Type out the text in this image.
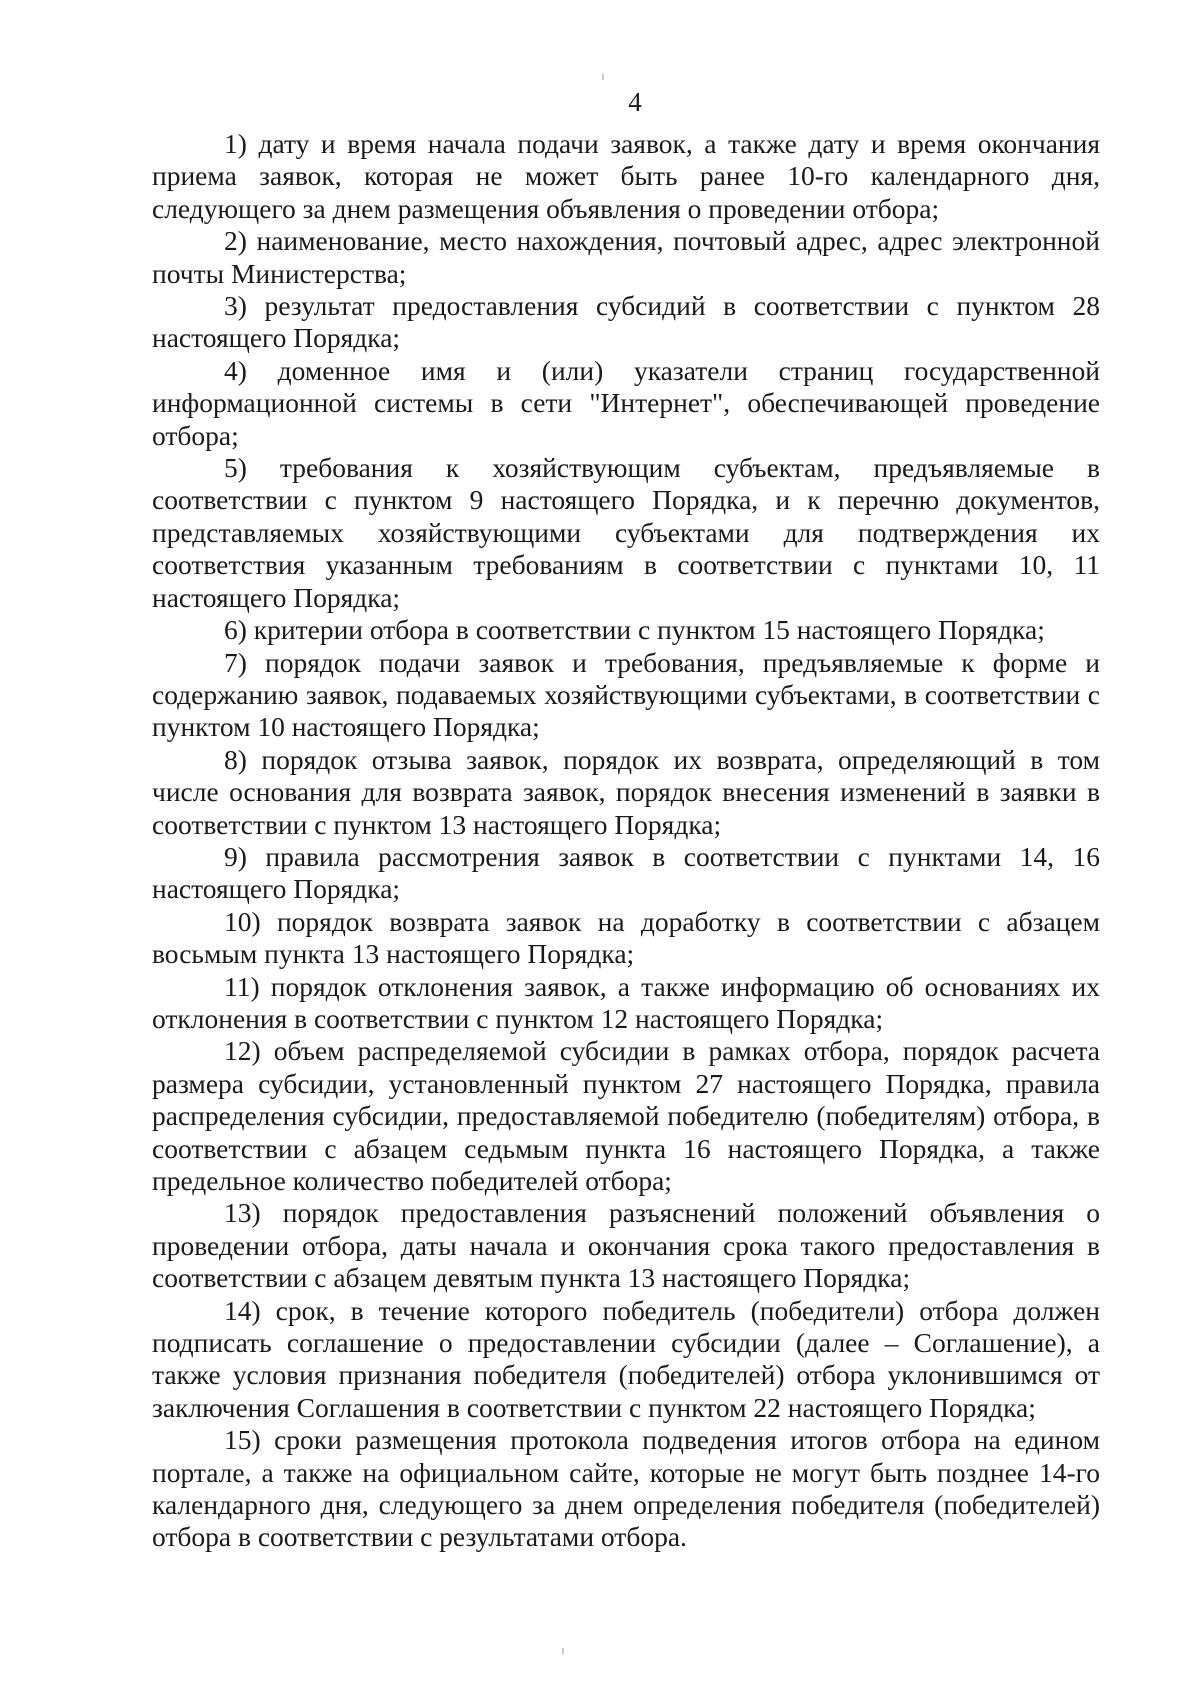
4

1) дату и время начала подачи заявок, а также дату и время окончания приема заявок, которая не может быть ранее 10-го календарного дня, следующего за днем размещения объявления о проведении отбора;

2) наименование, место нахождения, почтовый адрес, адрес электронной почты Министерства;

3) результат предоставления субсидий в соответствии с пунктом 28 настоящего Порядка;

4) доменное имя и (или) указатели страниц государственной информационной системы в сети "Интернет", обеспечивающей проведение отбора;

5) требования к хозяйствующим субъектам, предъявляемые в соответствии с пунктом 9 настоящего Порядка, и к перечню документов, представляемых хозяйствующими субъектами для подтверждения их соответствия указанным требованиям в соответствии с пунктами 10, 11 настоящего Порядка;

6) критерии отбора в соответствии с пунктом 15 настоящего Порядка;

7) порядок подачи заявок и требования, предъявляемые к форме и содержанию заявок, подаваемых хозяйствующими субъектами, в соответствии с пунктом 10 настоящего Порядка;

8) порядок отзыва заявок, порядок их возврата, определяющий в том числе основания для возврата заявок, порядок внесения изменений в заявки в соответствии с пунктом 13 настоящего Порядка;

9) правила рассмотрения заявок в соответствии с пунктами 14, 16 настоящего Порядка;

10) порядок возврата заявок на доработку в соответствии с абзацем восьмым пункта 13 настоящего Порядка;

11) порядок отклонения заявок, а также информацию об основаниях их отклонения в соответствии с пунктом 12 настоящего Порядка;

12) объем распределяемой субсидии в рамках отбора, порядок расчета размера субсидии, установленный пунктом 27 настоящего Порядка, правила распределения субсидии, предоставляемой победителю (победителям) отбора, в соответствии с абзацем седьмым пункта 16 настоящего Порядка, а также предельное количество победителей отбора;

13) порядок предоставления разъяснений положений объявления о проведении отбора, даты начала и окончания срока такого предоставления в соответствии с абзацем девятым пункта 13 настоящего Порядка;

14) срок, в течение которого победитель (победители) отбора должен подписать соглашение о предоставлении субсидии (далее – Соглашение), а также условия признания победителя (победителей) отбора уклонившимся от заключения Соглашения в соответствии с пунктом 22 настоящего Порядка;

15) сроки размещения протокола подведения итогов отбора на едином портале, а также на официальном сайте, которые не могут быть позднее 14-го календарного дня, следующего за днем определения победителя (победителей) отбора в соответствии с результатами отбора.
